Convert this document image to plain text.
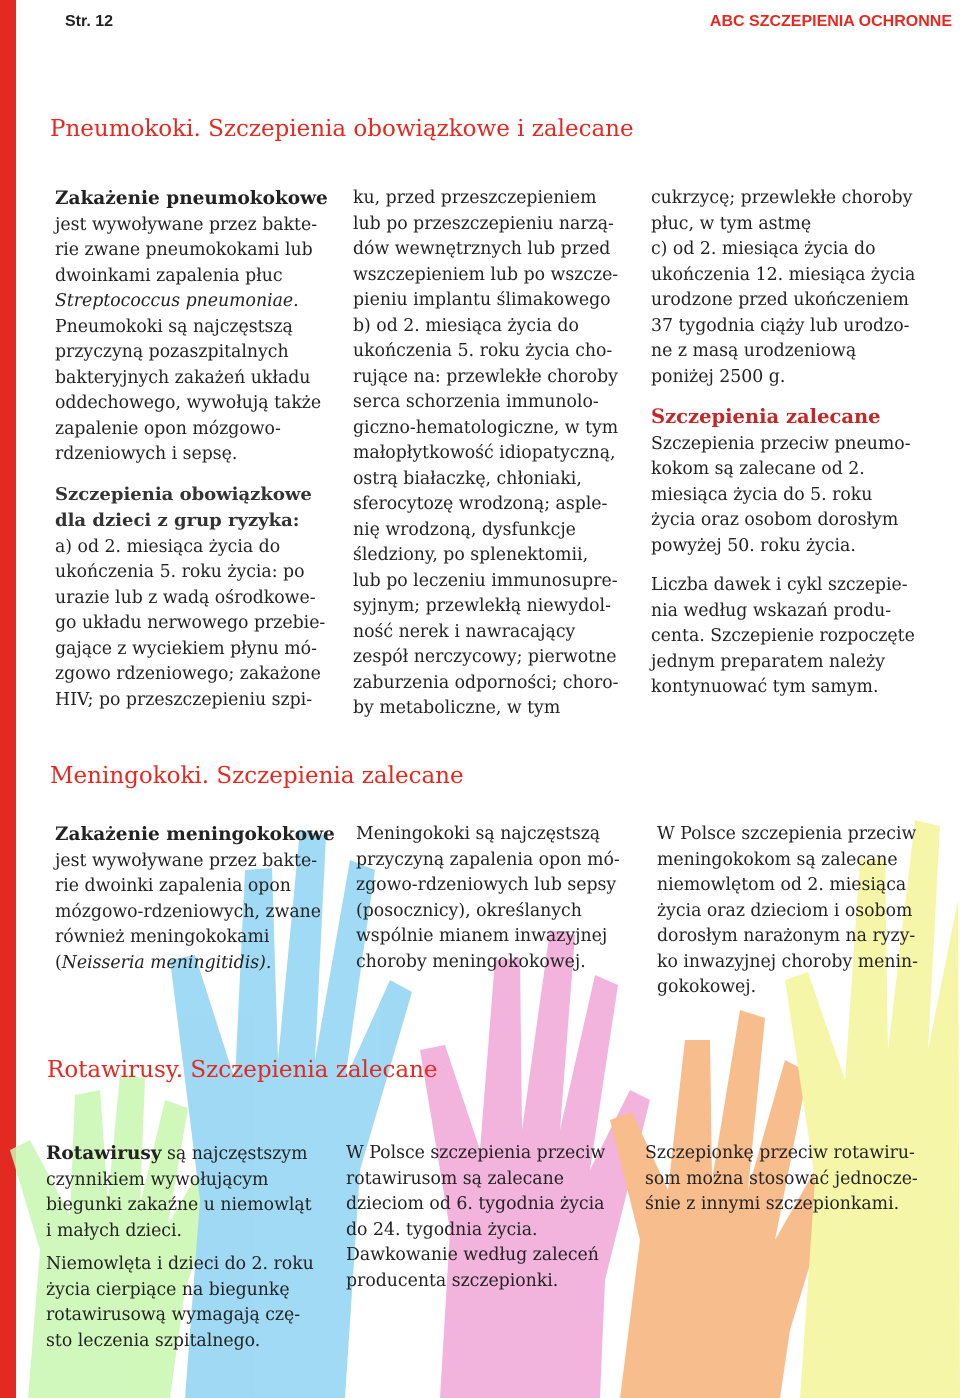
Str. 12	ABC SZCZEPIENIA OCHRONNE
Pneumokoki. Szczepienia obowiązkowe i zalecane

Zakażenie pneumokokowe

jest wywoływane przez bakte-

rie zwane pneumokokami lub

dwoinkami zapalenia płuc

Streptococcus pneumoniae.

Pneumokoki są najczęstszą

przyczyną pozaszpitalnych

bakteryjnych zakażeń układu

oddechowego, wywołują także

zapalenie opon mózgowo-

rdzeniowych i sepsę.

Szczepienia obowiązkowe

dla dzieci z grup ryzyka:

a) od 2. miesiąca życia do

ukończenia 5. roku życia: po

urazie lub z wadą ośrodkowe-

go układu nerwowego przebie-

gające z wyciekiem płynu mó-

zgowo rdzeniowego; zakażone

HIV; po przeszczepieniu szpi-

ku, przed przeszczepieniem

lub po przeszczepieniu narzą-

dów wewnętrznych lub przed

wszczepieniem lub po wszcze-

pieniu implantu ślimakowego

b) od 2. miesiąca życia do

ukończenia 5. roku życia cho-

rujące na: przewlekłe choroby

serca schorzenia immunolo-

giczno-hematologiczne, w tym

małopłytkowość idiopatyczną,

ostrą białaczkę, chłoniaki,

sferocytozę wrodzoną; asple-

nię wrodzoną, dysfunkcje

śledziony, po splenektomii,

lub po leczeniu immunosupre-

syjnym; przewlekłą niewydol-

ność nerek i nawracający

zespół nerczycowy; pierwotne

zaburzenia odporności; choro-

by metaboliczne, w tym

cukrzycę; przewlekłe choroby

płuc, w tym astmę

c) od 2. miesiąca życia do

ukończenia 12. miesiąca życia

urodzone przed ukończeniem

37 tygodnia ciąży lub urodzo-

ne z masą urodzeniową

poniżej 2500 g.

Szczepienia zalecane

Szczepienia przeciw pneumo-

kokom są zalecane od 2.

miesiąca życia do 5. roku

życia oraz osobom dorosłym

powyżej 50. roku życia.

Liczba dawek i cykl szczepie-

nia według wskazań produ-

centa. Szczepienie rozpoczęte

jednym preparatem należy

kontynuować tym samym.

Meningokoki. Szczepienia zalecane

Zakażenie meningokokowe

jest wywoływane przez bakte-

rie dwoinki zapalenia opon

mózgowo-rdzeniowych, zwane

również meningokokami

(Neisseria meningitidis).

Meningokoki są najczęstszą

przyczyną zapalenia opon mó-

zgowo-rdzeniowych lub sepsy

(posocznicy), określanych

wspólnie mianem inwazyjnej

choroby meningokokowej.

W Polsce szczepienia przeciw

meningokokom są zalecane

niemowlętom od 2. miesiąca

życia oraz dzieciom i osobom

dorosłym narażonym na ryzy-

ko inwazyjnej choroby menin-

gokokowej.

Rotawirusy. Szczepienia zalecane

Rotawirusy są najczęstszym

czynnikiem wywołującym

biegunki zakaźne u niemowląt

i małych dzieci.

Niemowlęta i dzieci do 2. roku

życia cierpiące na biegunkę

rotawirusową wymagają czę-

sto leczenia szpitalnego.

W Polsce szczepienia przeciw

rotawirusom są zalecane

dzieciom od 6. tygodnia życia

do 24. tygodnia życia.

Dawkowanie według zaleceń

producenta szczepionki.

Szczepionkę przeciw rotawiru-

som można stosować jednocze-

śnie z innymi szczepionkami.
